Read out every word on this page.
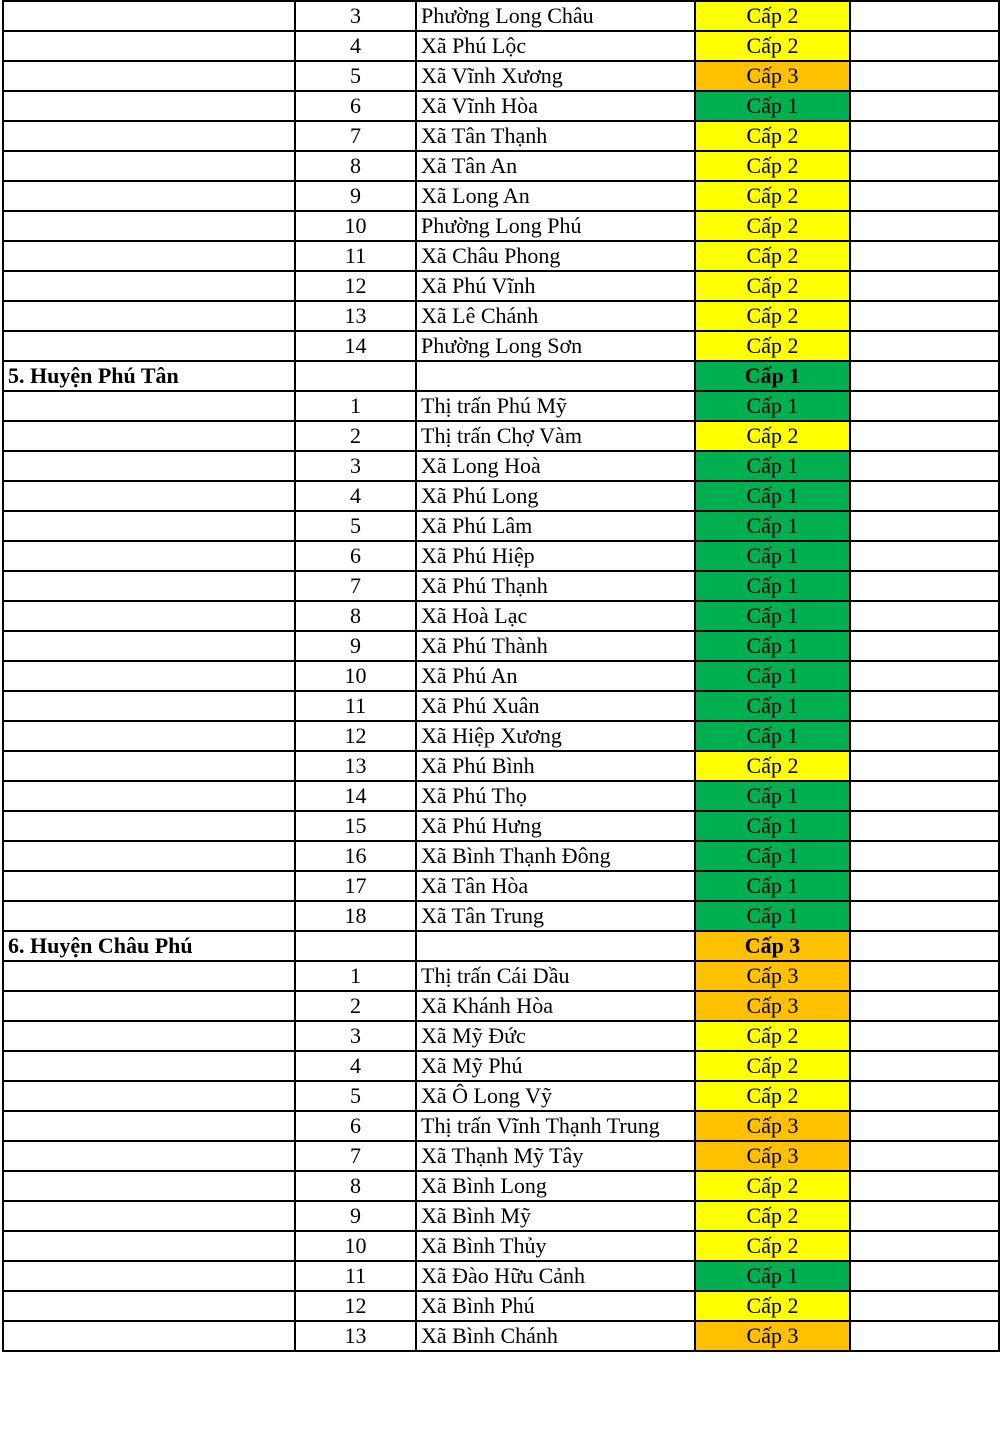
	3	Phường Long Châu	Cấp 2	
	4	Xã Phú Lộc	Cấp 2	
	5	Xã Vĩnh Xương	Cấp 3	
	6	Xã Vĩnh Hòa	Cấp 1	
	7	Xã Tân Thạnh	Cấp 2	
	8	Xã Tân An	Cấp 2	
	9	Xã Long An	Cấp 2	
	10	Phường Long Phú	Cấp 2	
	11	Xã Châu Phong	Cấp 2	
	12	Xã Phú Vĩnh	Cấp 2	
	13	Xã Lê Chánh	Cấp 2	
	14	Phường Long Sơn	Cấp 2	
5. Huyện Phú Tân			Cấp 1	
	1	Thị trấn Phú Mỹ	Cấp 1	
	2	Thị trấn Chợ Vàm	Cấp 2	
	3	Xã Long Hoà	Cấp 1	
	4	Xã Phú Long	Cấp 1	
	5	Xã Phú Lâm	Cấp 1	
	6	Xã Phú Hiệp	Cấp 1	
	7	Xã Phú Thạnh	Cấp 1	
	8	Xã Hoà Lạc	Cấp 1	
	9	Xã Phú Thành	Cấp 1	
	10	Xã Phú An	Cấp 1	
	11	Xã Phú Xuân	Cấp 1	
	12	Xã Hiệp Xương	Cấp 1	
	13	Xã Phú Bình	Cấp 2	
	14	Xã Phú Thọ	Cấp 1	
	15	Xã Phú Hưng	Cấp 1	
	16	Xã Bình Thạnh Đông	Cấp 1	
	17	Xã Tân Hòa	Cấp 1	
	18	Xã Tân Trung	Cấp 1	
6. Huyện Châu Phú			Cấp 3	
	1	Thị trấn Cái Dầu	Cấp 3	
	2	Xã Khánh Hòa	Cấp 3	
	3	Xã Mỹ Đức	Cấp 2	
	4	Xã Mỹ Phú	Cấp 2	
	5	Xã Ô Long Vỹ	Cấp 2	
	6	Thị trấn Vĩnh Thạnh Trung	Cấp 3	
	7	Xã Thạnh Mỹ Tây	Cấp 3	
	8	Xã Bình Long	Cấp 2	
	9	Xã Bình Mỹ	Cấp 2	
	10	Xã Bình Thủy	Cấp 2	
	11	Xã Đào Hữu Cảnh	Cấp 1	
	12	Xã Bình Phú	Cấp 2	
	13	Xã Bình Chánh	Cấp 3	
